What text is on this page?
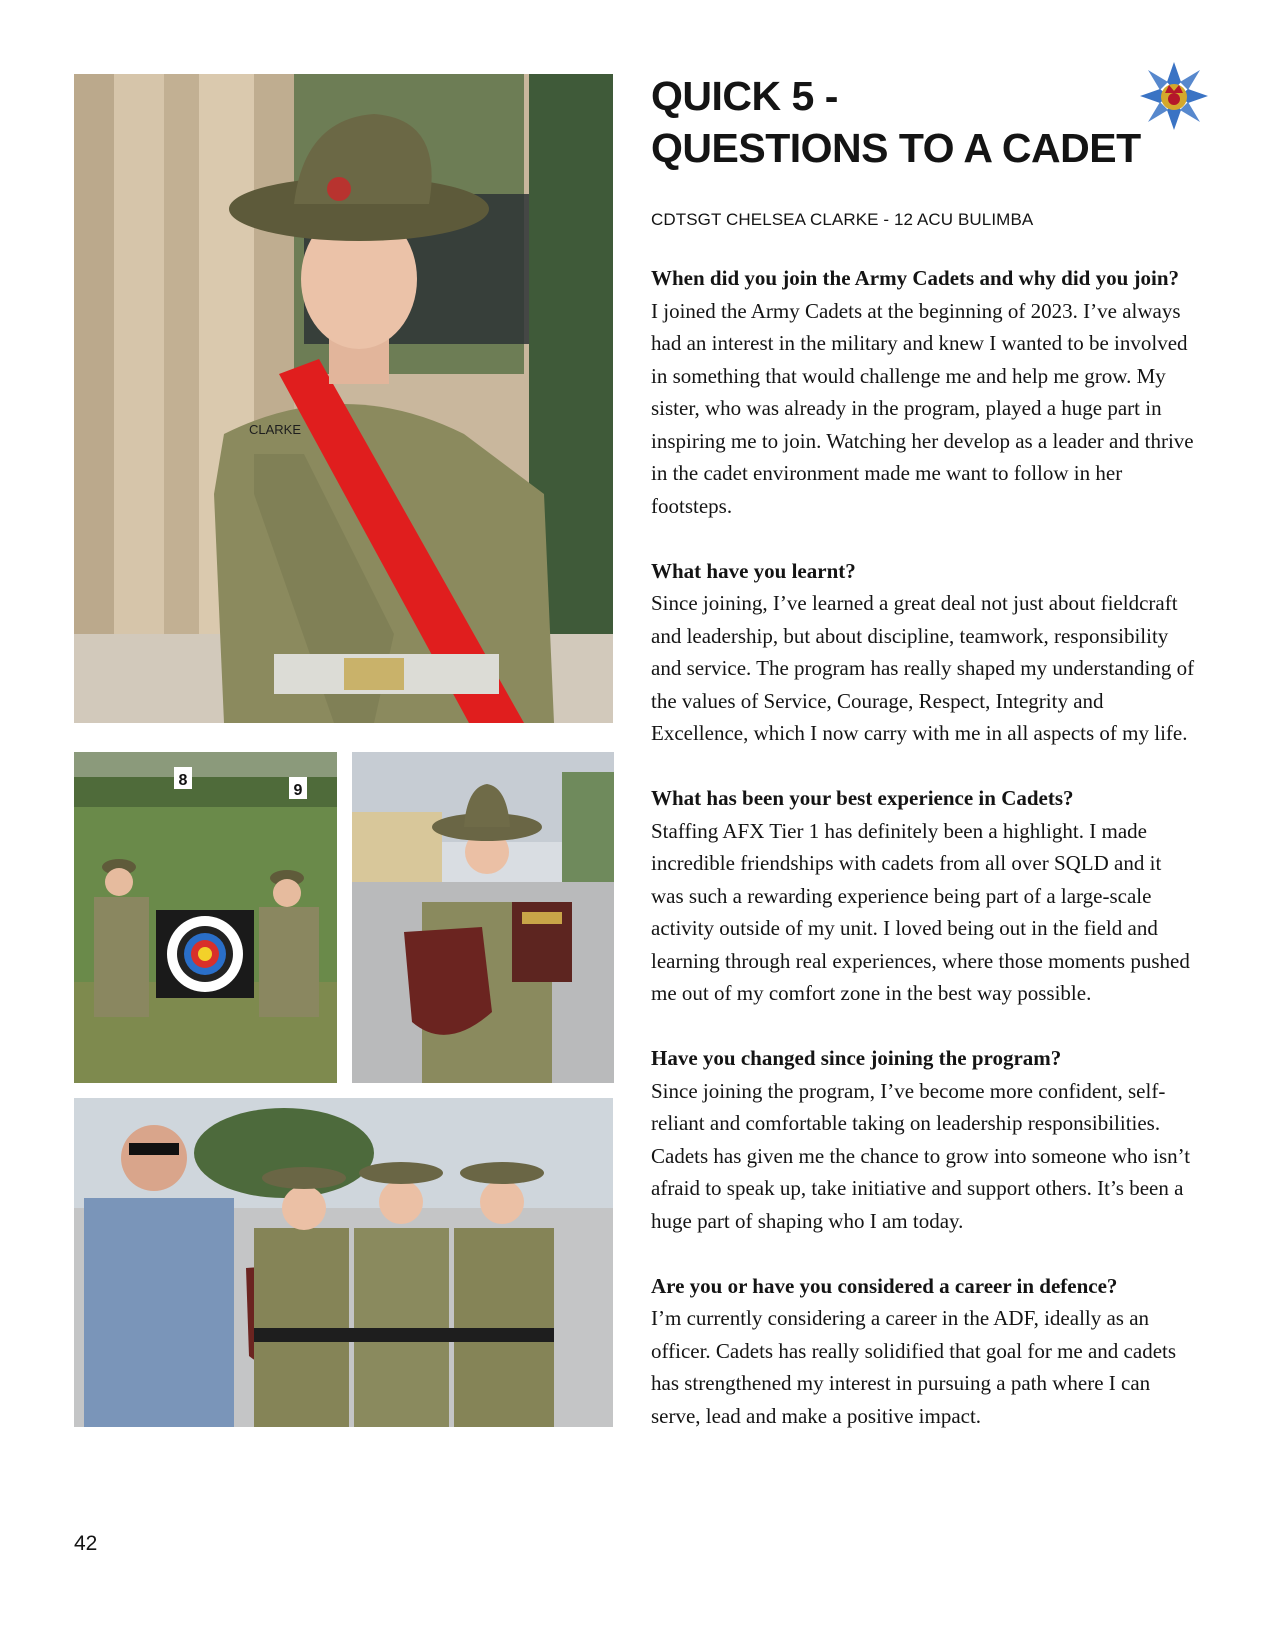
CLARKE
8
9
QUICK 5 -
QUESTIONS TO A CADET
CDTSGT CHELSEA CLARKE - 12 ACU BULIMBA
When did you join the Army Cadets and why did you join?
I joined the Army Cadets at the beginning of 2023. I’ve always had an interest in the military and knew I wanted to be involved in something that would challenge me and help me grow. My sister, who was already in the program, played a huge part in inspiring me to join. Watching her develop as a leader and thrive in the cadet environment made me want to follow in her footsteps.
What have you learnt?
Since joining, I’ve learned a great deal not just about fieldcraft and leadership, but about discipline, teamwork, responsibility and service. The program has really shaped my understanding of the values of Service, Courage, Respect, Integrity and Excellence, which I now carry with me in all aspects of my life.
What has been your best experience in Cadets?
Staffing AFX Tier 1 has definitely been a highlight. I made incredible friendships with cadets from all over SQLD and it was such a rewarding experience being part of a large-scale activity outside of my unit. I loved being out in the field and learning through real experiences, where those moments pushed me out of my comfort zone in the best way possible.
Have you changed since joining the program?
Since joining the program, I’ve become more confident, self-reliant and comfortable taking on leadership responsibilities. Cadets has given me the chance to grow into someone who isn’t afraid to speak up, take initiative and support others. It’s been a huge part of shaping who I am today.
Are you or have you considered a career in defence?
I’m currently considering a career in the ADF, ideally as an officer. Cadets has really solidified that goal for me and cadets has strengthened my interest in pursuing a path where I can serve, lead and make a positive impact.
42
